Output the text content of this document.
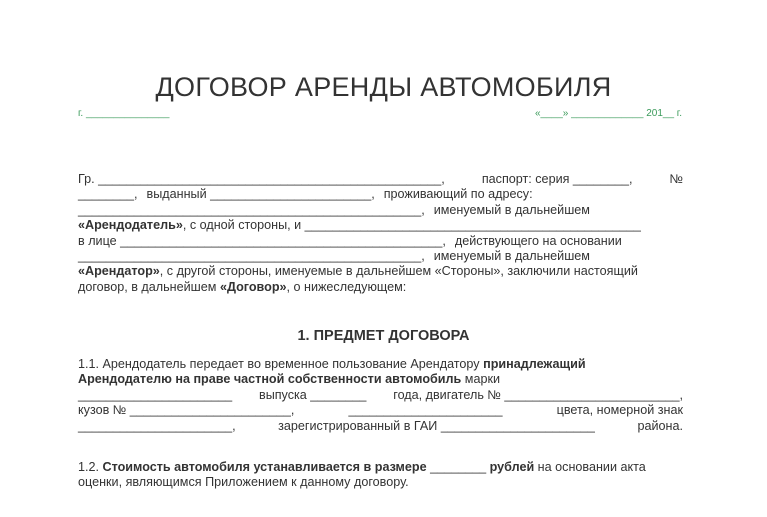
ДОГОВОР АРЕНДЫ АВТОМОБИЛЯ
г. _______________	«____» _____________ 201__ г.
Гр. _________________________________________________,	паспорт: серия ________,	№
________, выданный _______________________, проживающий по адресу:
_________________________________________________, именуемый в дальнейшем
«Арендодатель», с одной стороны, и ________________________________________________
в лице ______________________________________________, действующего на основании
_________________________________________________, именуемый в дальнейшем
«Арендатор», с другой стороны, именуемые в дальнейшем «Стороны», заключили настоящий
договор, в дальнейшем «Договор», о нижеследующем:
1. ПРЕДМЕТ ДОГОВОРА
1.1. Арендодатель передает во временное пользование Арендатору принадлежащий
Арендодателю на праве частной собственности автомобиль марки
______________________ выпуска ________ года, двигатель № _________________________,
кузов № _______________________,	______________________	цвета, номерной знак
______________________,	зарегистрированный в ГАИ ______________________	района.
1.2. Стоимость автомобиля устанавливается в размере ________ рублей на основании акта
оценки, являющимся Приложением к данному договору.
